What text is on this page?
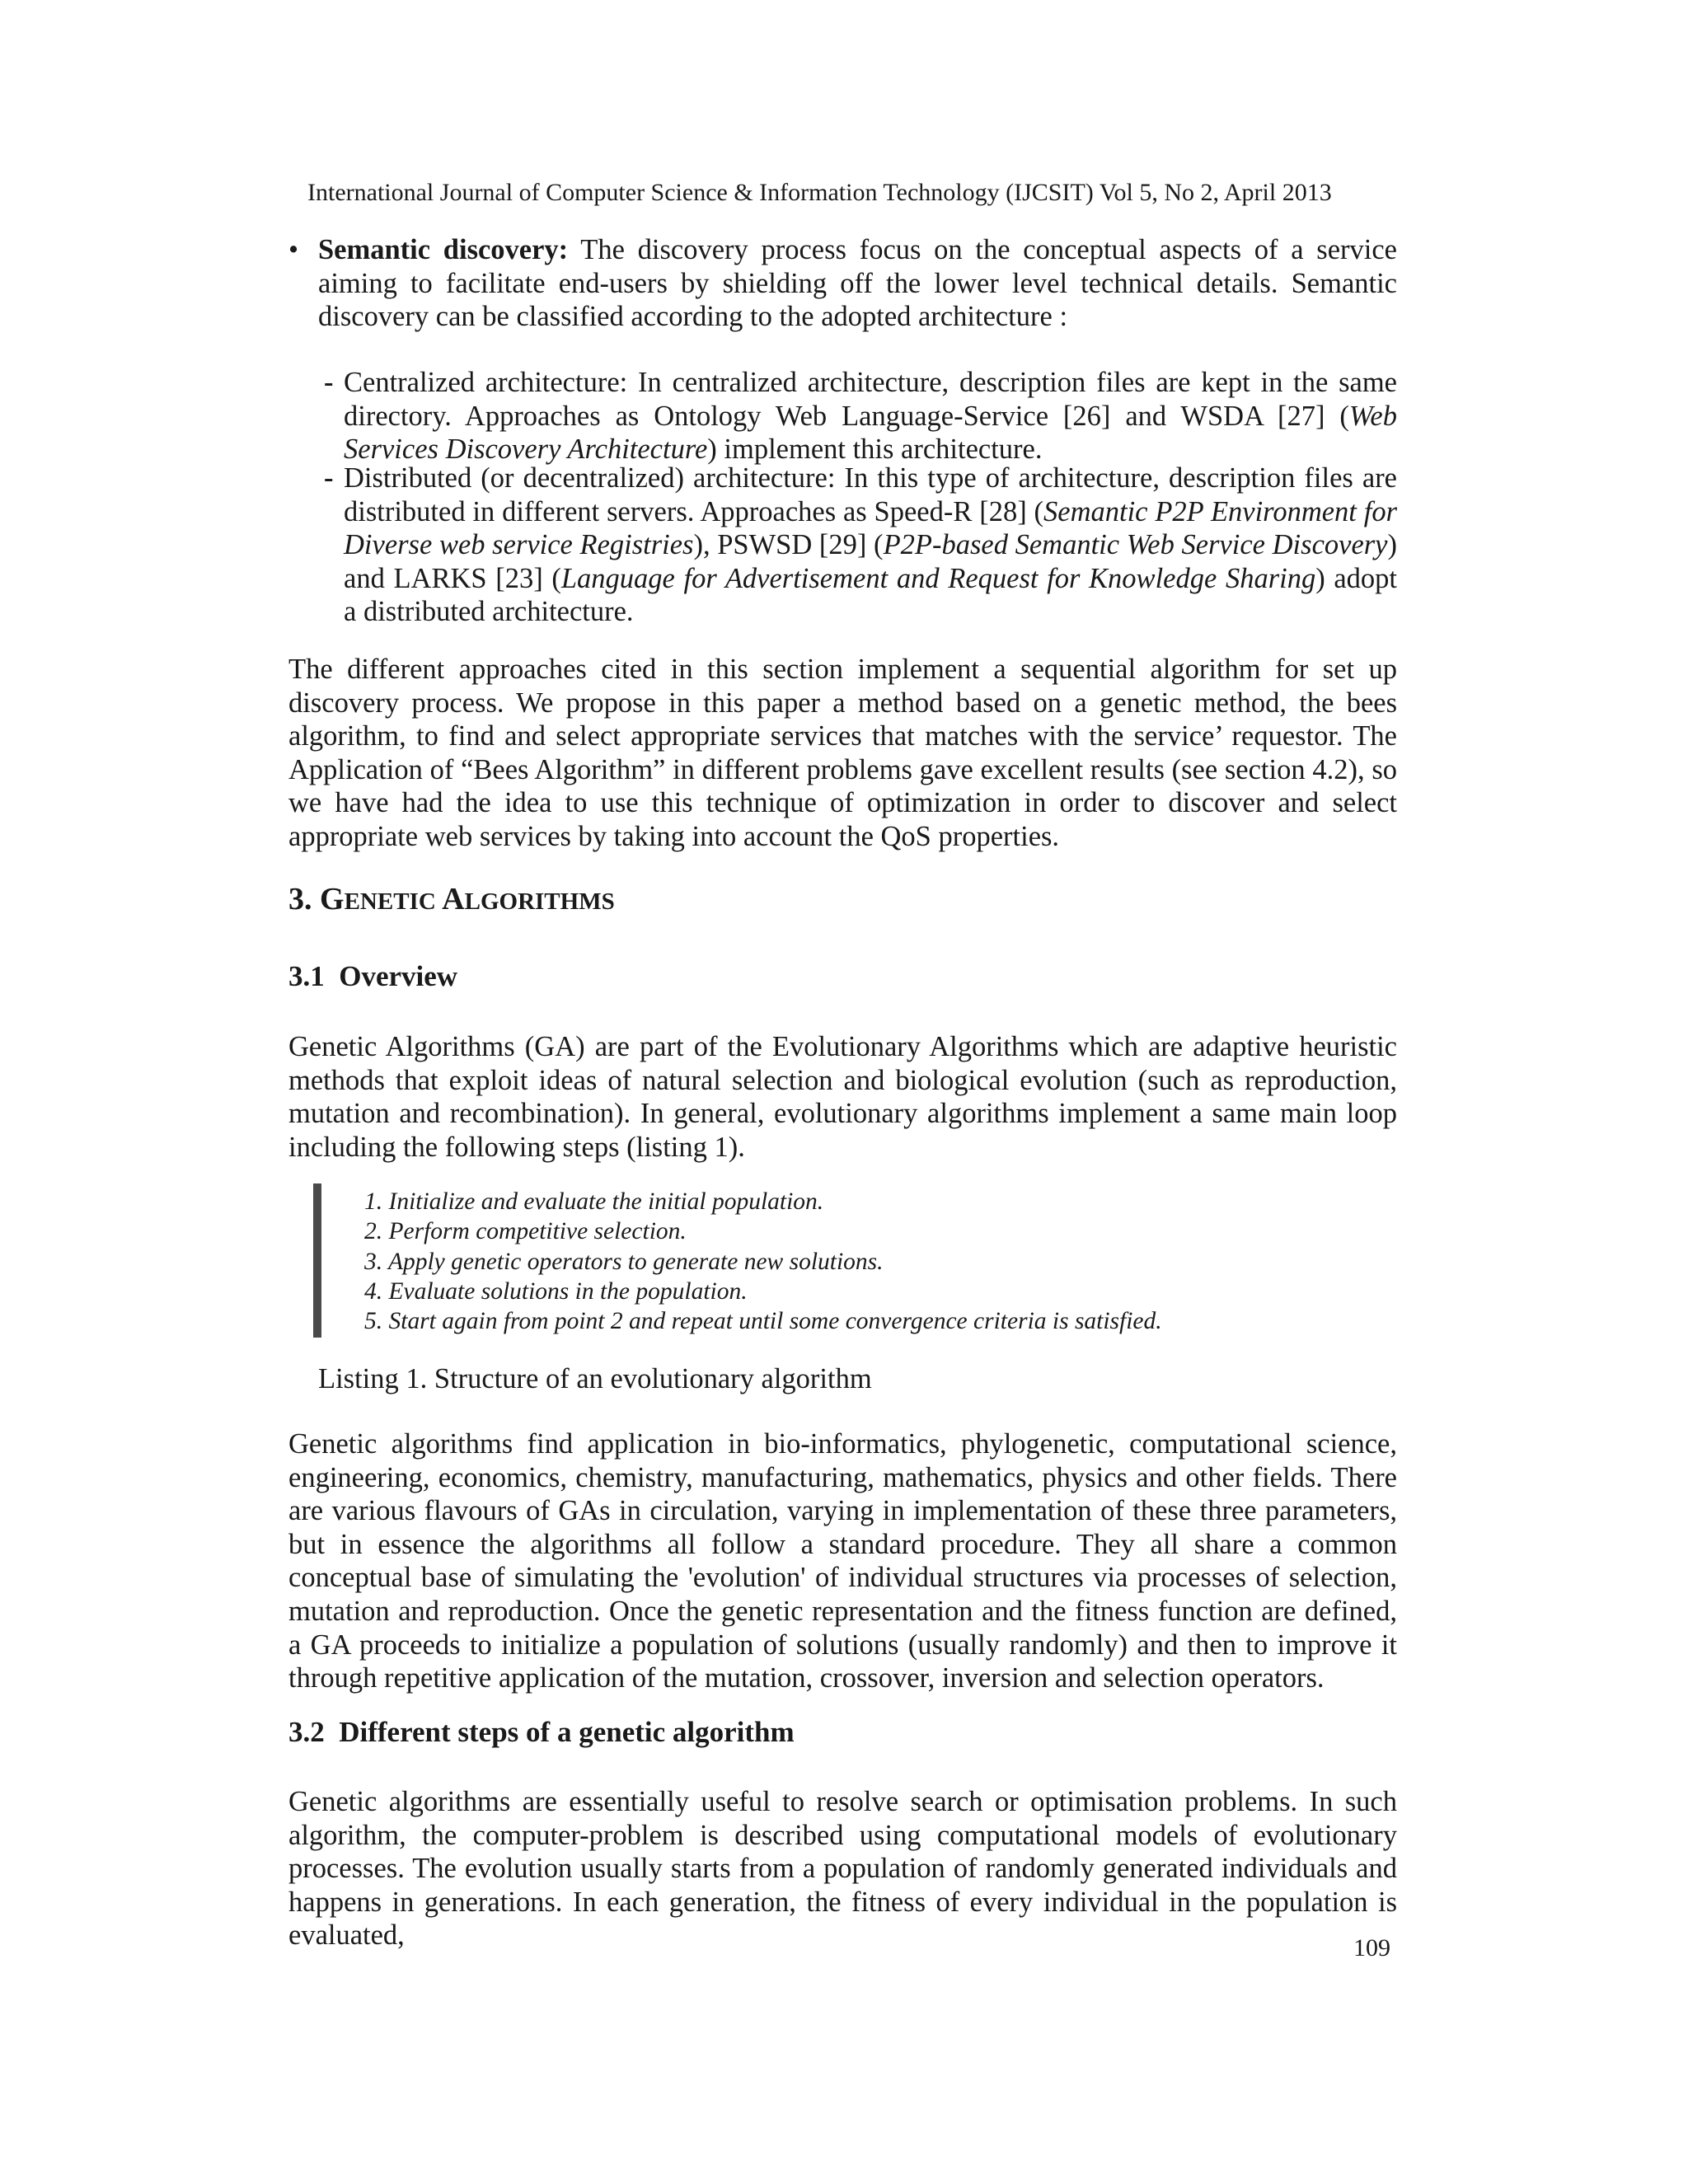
International Journal of Computer Science & Information Technology (IJCSIT) Vol 5, No 2, April 2013
• Semantic discovery: The discovery process focus on the conceptual aspects of a service aiming to facilitate end-users by shielding off the lower level technical details. Semantic discovery can be classified according to the adopted architecture :
- Centralized architecture: In centralized architecture, description files are kept in the same directory. Approaches as Ontology Web Language-Service [26] and WSDA [27] (Web Services Discovery Architecture) implement this architecture.
- Distributed (or decentralized) architecture: In this type of architecture, description files are distributed in different servers. Approaches as Speed-R [28] (Semantic P2P Environment for Diverse web service Registries), PSWSD [29] (P2P-based Semantic Web Service Discovery) and LARKS [23] (Language for Advertisement and Request for Knowledge Sharing) adopt a distributed architecture.

The different approaches cited in this section implement a sequential algorithm for set up discovery process. We propose in this paper a method based on a genetic method, the bees algorithm, to find and select appropriate services that matches with the service’ requestor. The Application of “Bees Algorithm” in different problems gave excellent results (see section 4.2), so we have had the idea to use this technique of optimization in order to discover and select appropriate web services by taking into account the QoS properties.

3. GENETIC ALGORITHMS
3.1 Overview

Genetic Algorithms (GA) are part of the Evolutionary Algorithms which are adaptive heuristic methods that exploit ideas of natural selection and biological evolution (such as reproduction, mutation and recombination). In general, evolutionary algorithms implement a same main loop including the following steps (listing 1).

1. Initialize and evaluate the initial population.
2. Perform competitive selection.
3. Apply genetic operators to generate new solutions.
4. Evaluate solutions in the population.
5. Start again from point 2 and repeat until some convergence criteria is satisfied.
Listing 1. Structure of an evolutionary algorithm

Genetic algorithms find application in bio-informatics, phylogenetic, computational science, engineering, economics, chemistry, manufacturing, mathematics, physics and other fields. There are various flavours of GAs in circulation, varying in implementation of these three parameters, but in essence the algorithms all follow a standard procedure. They all share a common conceptual base of simulating the 'evolution' of individual structures via processes of selection, mutation and reproduction. Once the genetic representation and the fitness function are defined, a GA proceeds to initialize a population of solutions (usually randomly) and then to improve it through repetitive application of the mutation, crossover, inversion and selection operators.

3.2 Different steps of a genetic algorithm

Genetic algorithms are essentially useful to resolve search or optimisation problems. In such algorithm, the computer-problem is described using computational models of evolutionary processes. The evolution usually starts from a population of randomly generated individuals and happens in generations. In each generation, the fitness of every individual in the population is evaluated,	109
